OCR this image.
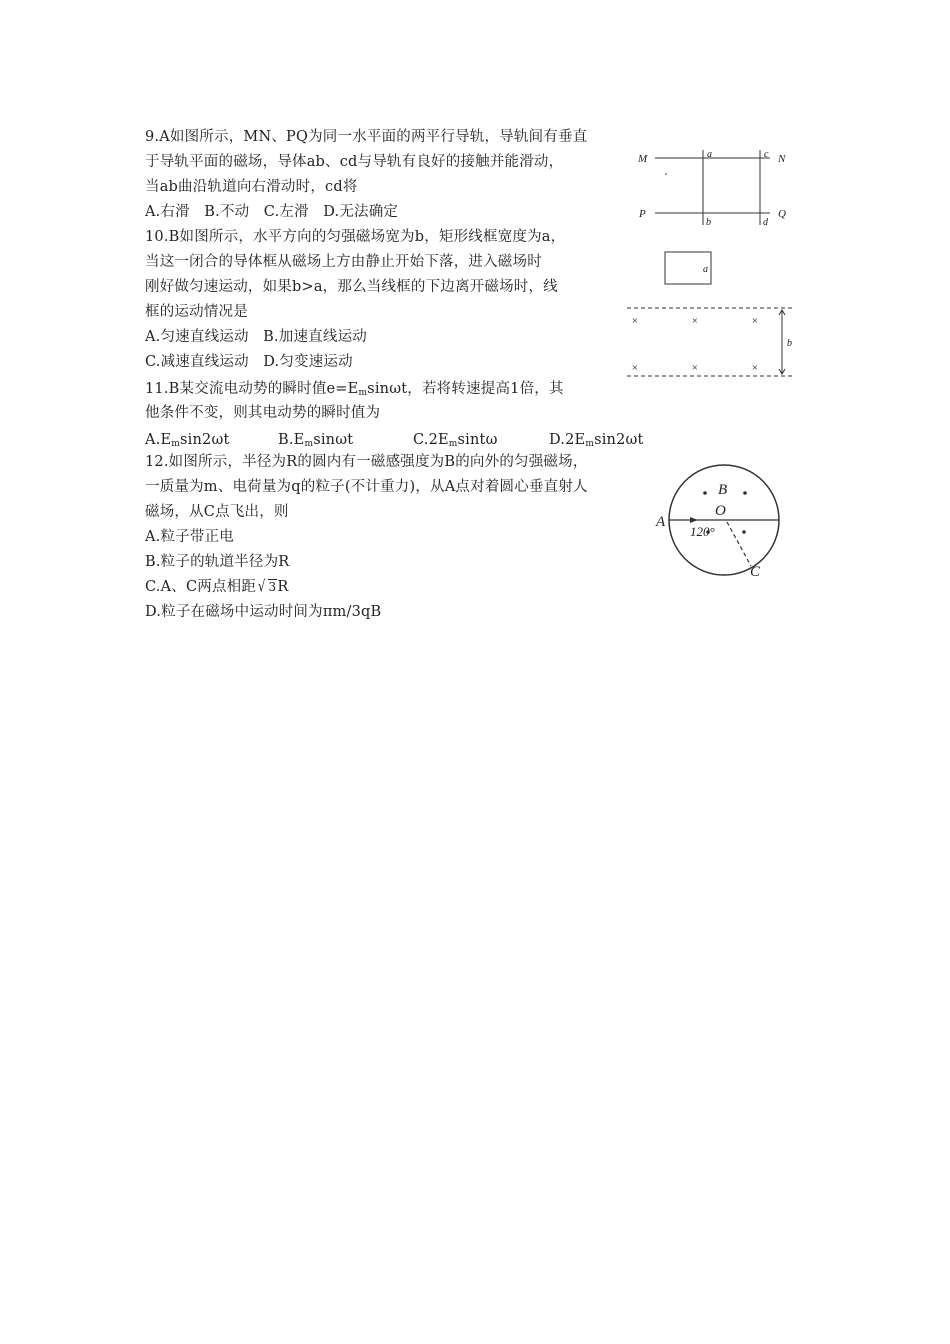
9.A如图所示，MN、PQ为同一水平面的两平行导轨，导轨间有垂直
于导轨平面的磁场，导体ab、cd与导轨有良好的接触并能滑动，
当ab曲沿轨道向右滑动时，cd将
A.右滑   B.不动   C.左滑   D.无法确定
M	N
P	Q
a	c
b	d
10.B如图所示，水平方向的匀强磁场宽为b，矩形线框宽度为a，
当这一闭合的导体框从磁场上方由静止开始下落，进入磁场时
刚好做匀速运动，如果b>a，那么当线框的下边离开磁场时，线
框的运动情况是
A.匀速直线运动   B.加速直线运动
C.减速直线运动   D.匀变速运动
a
×	×	×
×	×	×
b
11.B某交流电动势的瞬时值$e=E_m\sin\omega t$，若将转速提高1倍，其
他条件不变，则其电动势的瞬时值为
$A.E_m\sin 2\omega t$	$B.E_m\sin\omega t$	$C.2E_m\sin t\omega$	$D.2E_m\sin 2\omega t$
12.如图所示，半径为R的圆内有一磁感强度为B的向外的匀强磁场，
一质量为m、电荷量为q的粒子(不计重力)，从A点对着圆心垂直射人
磁场，从C点飞出，则
A.粒子带正电
B.粒子的轨道半径为R
C.A、C两点相距 √ 3R
D.粒子在磁场中运动时间为πm/3qB
A
B
O
120°
C
